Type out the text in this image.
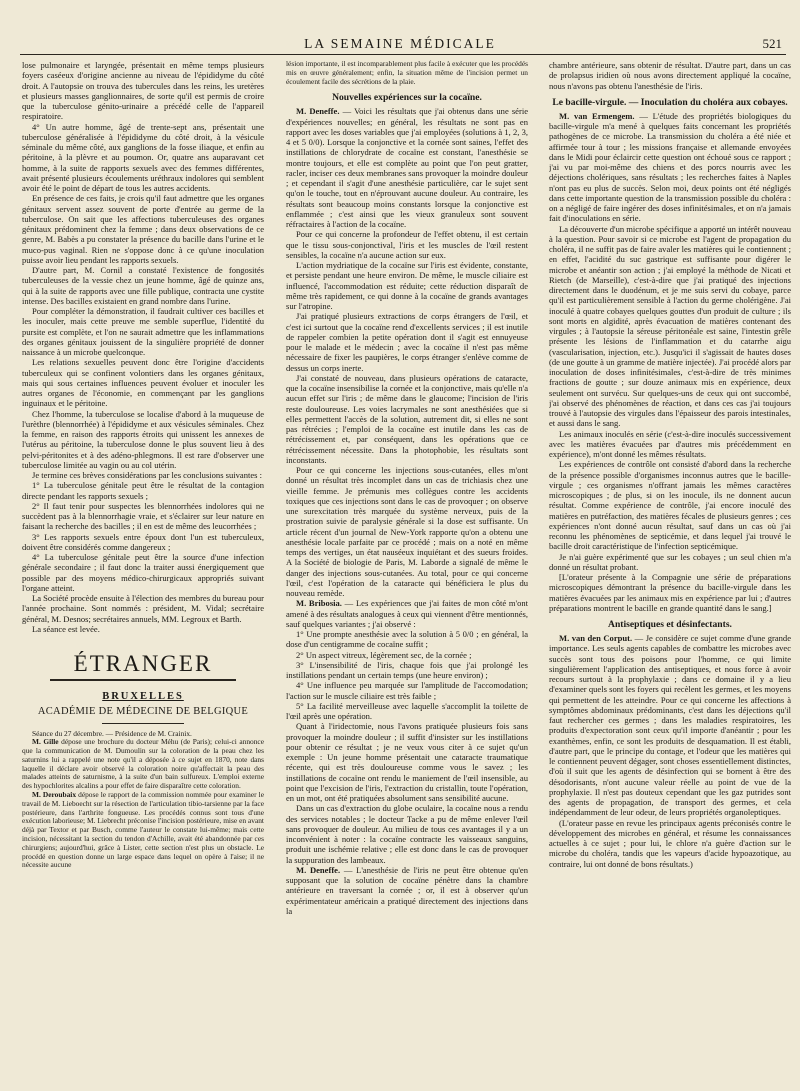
LA SEMAINE MÉDICALE	521

lose pulmonaire et laryngée, présentait en même temps plusieurs foyers caséeux d'origine ancienne au niveau de l'épididyme du côté droit. A l'autopsie on trouva des tubercules dans les reins, les uretères et plusieurs masses ganglionnaires, de sorte qu'il est permis de croire que la tuberculose génito-urinaire a précédé celle de l'appareil respiratoire.

4° Un autre homme, âgé de trente-sept ans, présentait une tuberculose généralisée à l'épididyme du côté droit, à la vésicule séminale du même côté, aux ganglions de la fosse iliaque, et enfin au péritoine, à la plèvre et au poumon. Or, quatre ans auparavant cet homme, à la suite de rapports sexuels avec des femmes différentes, avait présenté plusieurs écoulements uréthraux indolores qui semblent avoir été le point de départ de tous les autres accidents.

En présence de ces faits, je crois qu'il faut admettre que les organes génitaux servent assez souvent de porte d'entrée au germe de la tuberculose. On sait que les affections tuberculeuses des organes génitaux prédominent chez la femme ; dans deux observations de ce genre, M. Babès a pu constater la présence du bacille dans l'urine et le muco-pus vaginal. Rien ne s'oppose donc à ce qu'une inoculation puisse avoir lieu pendant les rapports sexuels.

D'autre part, M. Cornil a constaté l'existence de fongosités tuberculeuses de la vessie chez un jeune homme, âgé de quinze ans, qui à la suite de rapports avec une fille publique, contracta une cystite intense. Des bacilles existaient en grand nombre dans l'urine.

Pour compléter la démonstration, il faudrait cultiver ces bacilles et les inoculer, mais cette preuve me semble superflue, l'identité du pursite est complète, et l'on ne saurait admettre que les inflammations des organes génitaux jouissent de la singulière propriété de donner naissance à un microbe quelconque.

Les relations sexuelles peuvent donc être l'origine d'accidents tuberculeux qui se confinent volontiers dans les organes génitaux, mais qui sous certaines influences peuvent évoluer et inoculer les autres organes de l'économie, en commençant par les ganglions inguinaux et le péritoine.

Chez l'homme, la tuberculose se localise d'abord à la muqueuse de l'urèthre (blennorrhée) à l'épididyme et aux vésicules séminales. Chez la femme, en raison des rapports étroits qui unissent les annexes de l'utérus au péritoine, la tuberculose donne le plus souvent lieu à des pelvi-péritonites et à des adéno-phlegmons. Il est rare d'observer une tuberculose limitée au vagin ou au col utérin.

Je termine ces brèves considérations par les conclusions suivantes :

1° La tuberculose génitale peut être le résultat de la contagion directe pendant les rapports sexuels ;

2° Il faut tenir pour suspectes les blennorrhées indolores qui ne succèdent pas à la blennorrhagie vraie, et s'éclairer sur leur nature en faisant la recherche des bacilles ; il en est de même des leucorrhées ;

3° Les rapports sexuels entre époux dont l'un est tuberculeux, doivent être considérés comme dangereux ;

4° La tuberculose génitale peut être la source d'une infection générale secondaire ; il faut donc la traiter aussi énergiquement que possible par des moyens médico-chirurgicaux appropriés suivant l'organe atteint.

La Société procède ensuite à l'élection des membres du bureau pour l'année prochaine. Sont nommés : président, M. Vidal; secrétaire général, M. Desnos; secrétaires annuels, MM. Legroux et Barth.

La séance est levée.

ÉTRANGER
BRUXELLES
ACADÉMIE DE MÉDECINE DE BELGIQUE

Séance du 27 décembre. — Présidence de M. Crainix.

M. Gille dépose une brochure du docteur Méhu (de Paris); celui-ci annonce que la communication de M. Dumoulin sur la coloration de la peau chez les saturnins lui a rappelé une note qu'il a déposée à ce sujet en 1870, note dans laquelle il déclare avoir observé la coloration noire qu'affectait la peau des malades atteints de saturnisme, à la suite d'un bain sulfureux. L'emploi externe des hypochlorites alcalins a pour effet de faire disparaître cette coloration.

M. Deroubaix dépose le rapport de la commission nommée pour examiner le travail de M. Lieboecht sur la résection de l'articulation tibio-tarsienne par la face postérieure, dans l'arthrite fongueuse. Les procédés connus sont tous d'une exécution laborieuse; M. Liebrecht préconise l'incision postérieure, mise en avant déjà par Textor et par Busch, comme l'auteur le constate lui-même; mais cette incision, nécessitant la section du tendon d'Achille, avait été abandonnée par ces chirurgiens; aujourd'hui, grâce à Lister, cette section n'est plus un obstacle. Le procédé en question donne un large espace dans lequel on opère à l'aise; il ne nécessite aucune

lésion importante, il est incomparablement plus facile à exécuter que les procédés mis en œuvre généralement; enfin, la situation même de l'incision permet un écoulement facile des sécrétions de la plaie.

Nouvelles expériences sur la cocaïne.

M. Deneffe. — Voici les résultats que j'ai obtenus dans une série d'expériences nouvelles; en général, les résultats ne sont pas en rapport avec les doses variables que j'ai employées (solutions à 1, 2, 3, 4 et 5 0/0). Lorsque la conjonctive et la cornée sont saines, l'effet des instillations de chlorydrate de cocaïne est constant, l'anesthésie se montre toujours, et elle est complète au point que l'on peut gratter, racler, inciser ces deux membranes sans provoquer la moindre douleur ; et cependant il s'agit d'une anesthésie particulière, car le sujet sent qu'on le touche, tout en n'éprouvant aucune douleur. Au contraire, les résultats sont beaucoup moins constants lorsque la conjonctive est enflammée ; c'est ainsi que les vieux granuleux sont souvent réfractaires à l'action de la cocaïne.

Pour ce qui concerne la profondeur de l'effet obtenu, il est certain que le tissu sous-conjonctival, l'iris et les muscles de l'œil restent sensibles, la cocaïne n'a aucune action sur eux.

L'action mydriatique de la cocaïne sur l'iris est évidente, constante, et persiste pendant une heure environ. De même, le muscle ciliaire est influencé, l'accommodation est réduite; cette réduction disparaît de même très rapidement, ce qui donne à la cocaïne de grands avantages sur l'atropine.

J'ai pratiqué plusieurs extractions de corps étrangers de l'œil, et c'est ici surtout que la cocaïne rend d'excellents services ; il est inutile de rappeler combien la petite opération dont il s'agit est ennuyeuse pour le malade et le médecin ; avec la cocaïne il n'est pas même nécessaire de fixer les paupières, le corps étranger s'enlève comme de dessus un corps inerte.

J'ai constaté de nouveau, dans plusieurs opérations de cataracte, que la cocaïne insensibilise la cornée et la conjonctive, mais qu'elle n'a aucun effet sur l'iris ; de même dans le glaucome; l'incision de l'iris reste douloureuse. Les voies lacrymales ne sont anesthésiées que si elles permettent l'accès de la solution, autrement dit, si elles ne sont pas rétrécies ; l'emploi de la cocaïne est inutile dans les cas de rétrécissement et, par conséquent, dans les opérations que ce rétrécissement nécessite. Dans la photophobie, les résultats sont inconstants.

Pour ce qui concerne les injections sous-cutanées, elles m'ont donné un résultat très incomplet dans un cas de trichiasis chez une vieille femme. Je prémunis mes collègues contre les accidents toxiques que ces injections sont dans le cas de provoquer ; on observe une surexcitation très marquée du système nerveux, puis de la prostration suivie de paralysie générale si la dose est suffisante. Un article récent d'un journal de New-York rapporte qu'on a obtenu une anesthésie locale parfaite par ce procédé ; mais on a noté en même temps des vertiges, un état nauséeux inquiétant et des sueurs froides. A la Société de biologie de Paris, M. Laborde a signalé de même le danger des injections sous-cutanées. Au total, pour ce qui concerne l'œil, c'est l'opération de la cataracte qui bénéficiera le plus du nouveau remède.

M. Bribosia. — Les expériences que j'ai faites de mon côté m'ont amené à des résultats analogues à ceux qui viennent d'être mentionnés, sauf quelques variantes ; j'ai observé :

1° Une prompte anesthésie avec la solution à 5 0/0 ; en général, la dose d'un centigramme de cocaïne suffit ;

2° Un aspect vitreux, légèrement sec, de la cornée ;

3° L'insensibilité de l'iris, chaque fois que j'ai prolongé les instillations pendant un certain temps (une heure environ) ;

4° Une influence peu marquée sur l'amplitude de l'accomodation; l'action sur le muscle ciliaire est très faible ;

5° La facilité merveilleuse avec laquelle s'accomplit la toilette de l'œil après une opération.

Quant à l'iridectomie, nous l'avons pratiquée plusieurs fois sans provoquer la moindre douleur ; il suffit d'insister sur les instillations pour obtenir ce résultat ; je ne veux vous citer à ce sujet qu'un exemple : Un jeune homme présentait une cataracte traumatique récente, qui est très douloureuse comme vous le savez ; les instillations de cocaïne ont rendu le maniement de l'œil insensible, au point que l'excision de l'iris, l'extraction du cristallin, toute l'opération, en un mot, ont été pratiquées absolument sans sensibilité aucune.

Dans un cas d'extraction du globe oculaire, la cocaïne nous a rendu des services notables ; le docteur Tacke a pu de même enlever l'œil sans provoquer de douleur. Au milieu de tous ces avantages il y a un inconvénient à noter : la cocaïne contracte les vaisseaux sanguins, produit une ischémie relative ; elle est donc dans le cas de provoquer la suppuration des lambeaux.

M. Deneffe. — L'anesthésie de l'iris ne peut être obtenue qu'en supposant que la solution de cocaïne pénètre dans la chambre antérieure en traversant la cornée ; or, il est à observer qu'un expérimentateur américain a pratiqué directement des injections dans la

chambre antérieure, sans obtenir de résultat. D'autre part, dans un cas de prolapsus iridien où nous avons directement appliqué la cocaïne, nous n'avons pas obtenu l'anesthésie de l'iris.

Le bacille-virgule. — Inoculation du choléra aux cobayes.

M. van Ermengem. — L'étude des propriétés biologiques du bacille-virgule m'a mené à quelques faits concernant les propriétés pathogènes de ce microbe. La transmission du choléra a été niée et affirmée tour à tour ; les missions française et allemande envoyées dans le Midi pour éclaircir cette question ont échoué sous ce rapport ; j'ai vu par moi-même des chiens et des porcs nourris avec les déjections cholériques, sans résultats ; les recherches faites à Naples n'ont pas eu plus de succès. Selon moi, deux points ont été négligés dans cette importante question de la transmission possible du choléra : on a négligé de faire ingérer des doses infinitésimales, et on n'a jamais fait d'inoculations en série.

La découverte d'un microbe spécifique a apporté un intérêt nouveau à la question. Pour savoir si ce microbe est l'agent de propagation du choléra, il ne suffit pas de faire avaler les matières qui le contiennent ; en effet, l'acidité du suc gastrique est suffisante pour digérer le microbe et anéantir son action ; j'ai employé la méthode de Nicati et Rietch (de Marseille), c'est-à-dire que j'ai pratiqué des injections directement dans le duodénum, et je me suis servi du cobaye, parce qu'il est particulièrement sensible à l'action du germe cholérigène. J'ai inoculé à quatre cobayes quelques gouttes d'un produit de culture ; ils sont morts en algidité, après évacuation de matières contenant des virgules ; à l'autopsie la séreuse péritonéale est saine, l'intestin grêle présente les lésions de l'inflammation et du catarrhe aigu (vascularisation, injection, etc.). Jusqu'ici il s'agissait de hautes doses (de une goutte à un gramme de matière injectée). J'ai procédé alors par inoculation de doses infinitésimales, c'est-à-dire de très minimes fractions de goutte ; sur douze animaux mis en expérience, deux seulement ont survécu. Sur quelques-uns de ceux qui ont succombé, j'ai observé des phénomènes de réaction, et dans ces cas j'ai toujours trouvé à l'autopsie des virgules dans l'épaisseur des parois intestinales, et aussi dans le sang.

Les animaux inoculés en série (c'est-à-dire inoculés successivement avec les matières évacuées par d'autres mis précédemment en expérience), m'ont donné les mêmes résultats.

Les expériences de contrôle ont consisté d'abord dans la recherche de la présence possible d'organismes inconnus autres que le bacille-virgule ; ces organismes n'offrant jamais les mêmes caractères microscopiques ; de plus, si on les inocule, ils ne donnent aucun résultat. Comme expérience de contrôle, j'ai encore inoculé des matières en putréfaction, des matières fécales de plusieurs genres ; ces expériences n'ont donné aucun résultat, sauf dans un cas où j'ai reconnu les phénomènes de septicémie, et dans lequel j'ai trouvé le bacille droit caractéristique de l'infection septicémique.

Je n'ai guère expérimenté que sur les cobayes ; un seul chien m'a donné un résultat probant.

[L'orateur présente à la Compagnie une série de préparations microscopiques démontrant la présence du bacille-virgule dans les matières évacuées par les animaux mis en expérience par lui ; d'autres préparations montrent le bacille en grande quantité dans le sang.]

Antiseptiques et désinfectants.

M. van den Corput. — Je considère ce sujet comme d'une grande importance. Les seuls agents capables de combattre les microbes avec succès sont tous des poisons pour l'homme, ce qui limite singulièrement l'application des antiseptiques, et nous force à avoir recours surtout à la prophylaxie ; dans ce domaine il y a lieu d'examiner quels sont les foyers qui recèlent les germes, et les moyens qui permettent de les atteindre. Pour ce qui concerne les affections à symptômes abdominaux prédominants, c'est dans les déjections qu'il faut rechercher ces germes ; dans les maladies respiratoires, les produits d'expectoration sont ceux qu'il importe d'anéantir ; pour les exanthèmes, enfin, ce sont les produits de desquamation. Il est établi, d'autre part, que le principe du contage, et l'odeur que les matières qui le contiennent peuvent dégager, sont choses essentiellement distinctes, d'où il suit que les agents de désinfection qui se bornent à être des désodorisants, n'ont aucune valeur réelle au point de vue de la prophylaxie. Il n'est pas douteux cependant que les gaz putrides sont des agents de propagation, de transport des germes, et cela indépendamment de leur odeur, de leurs propriétés organoleptiques.

(L'orateur passe en revue les principaux agents préconisés contre le développement des microbes en général, et résume les connaissances actuelles à ce sujet ; pour lui, le chlore n'a guère d'action sur le microbe du choléra, tandis que les vapeurs d'acide hypoazotique, au contraire, lui ont donné de bons résultats.)
